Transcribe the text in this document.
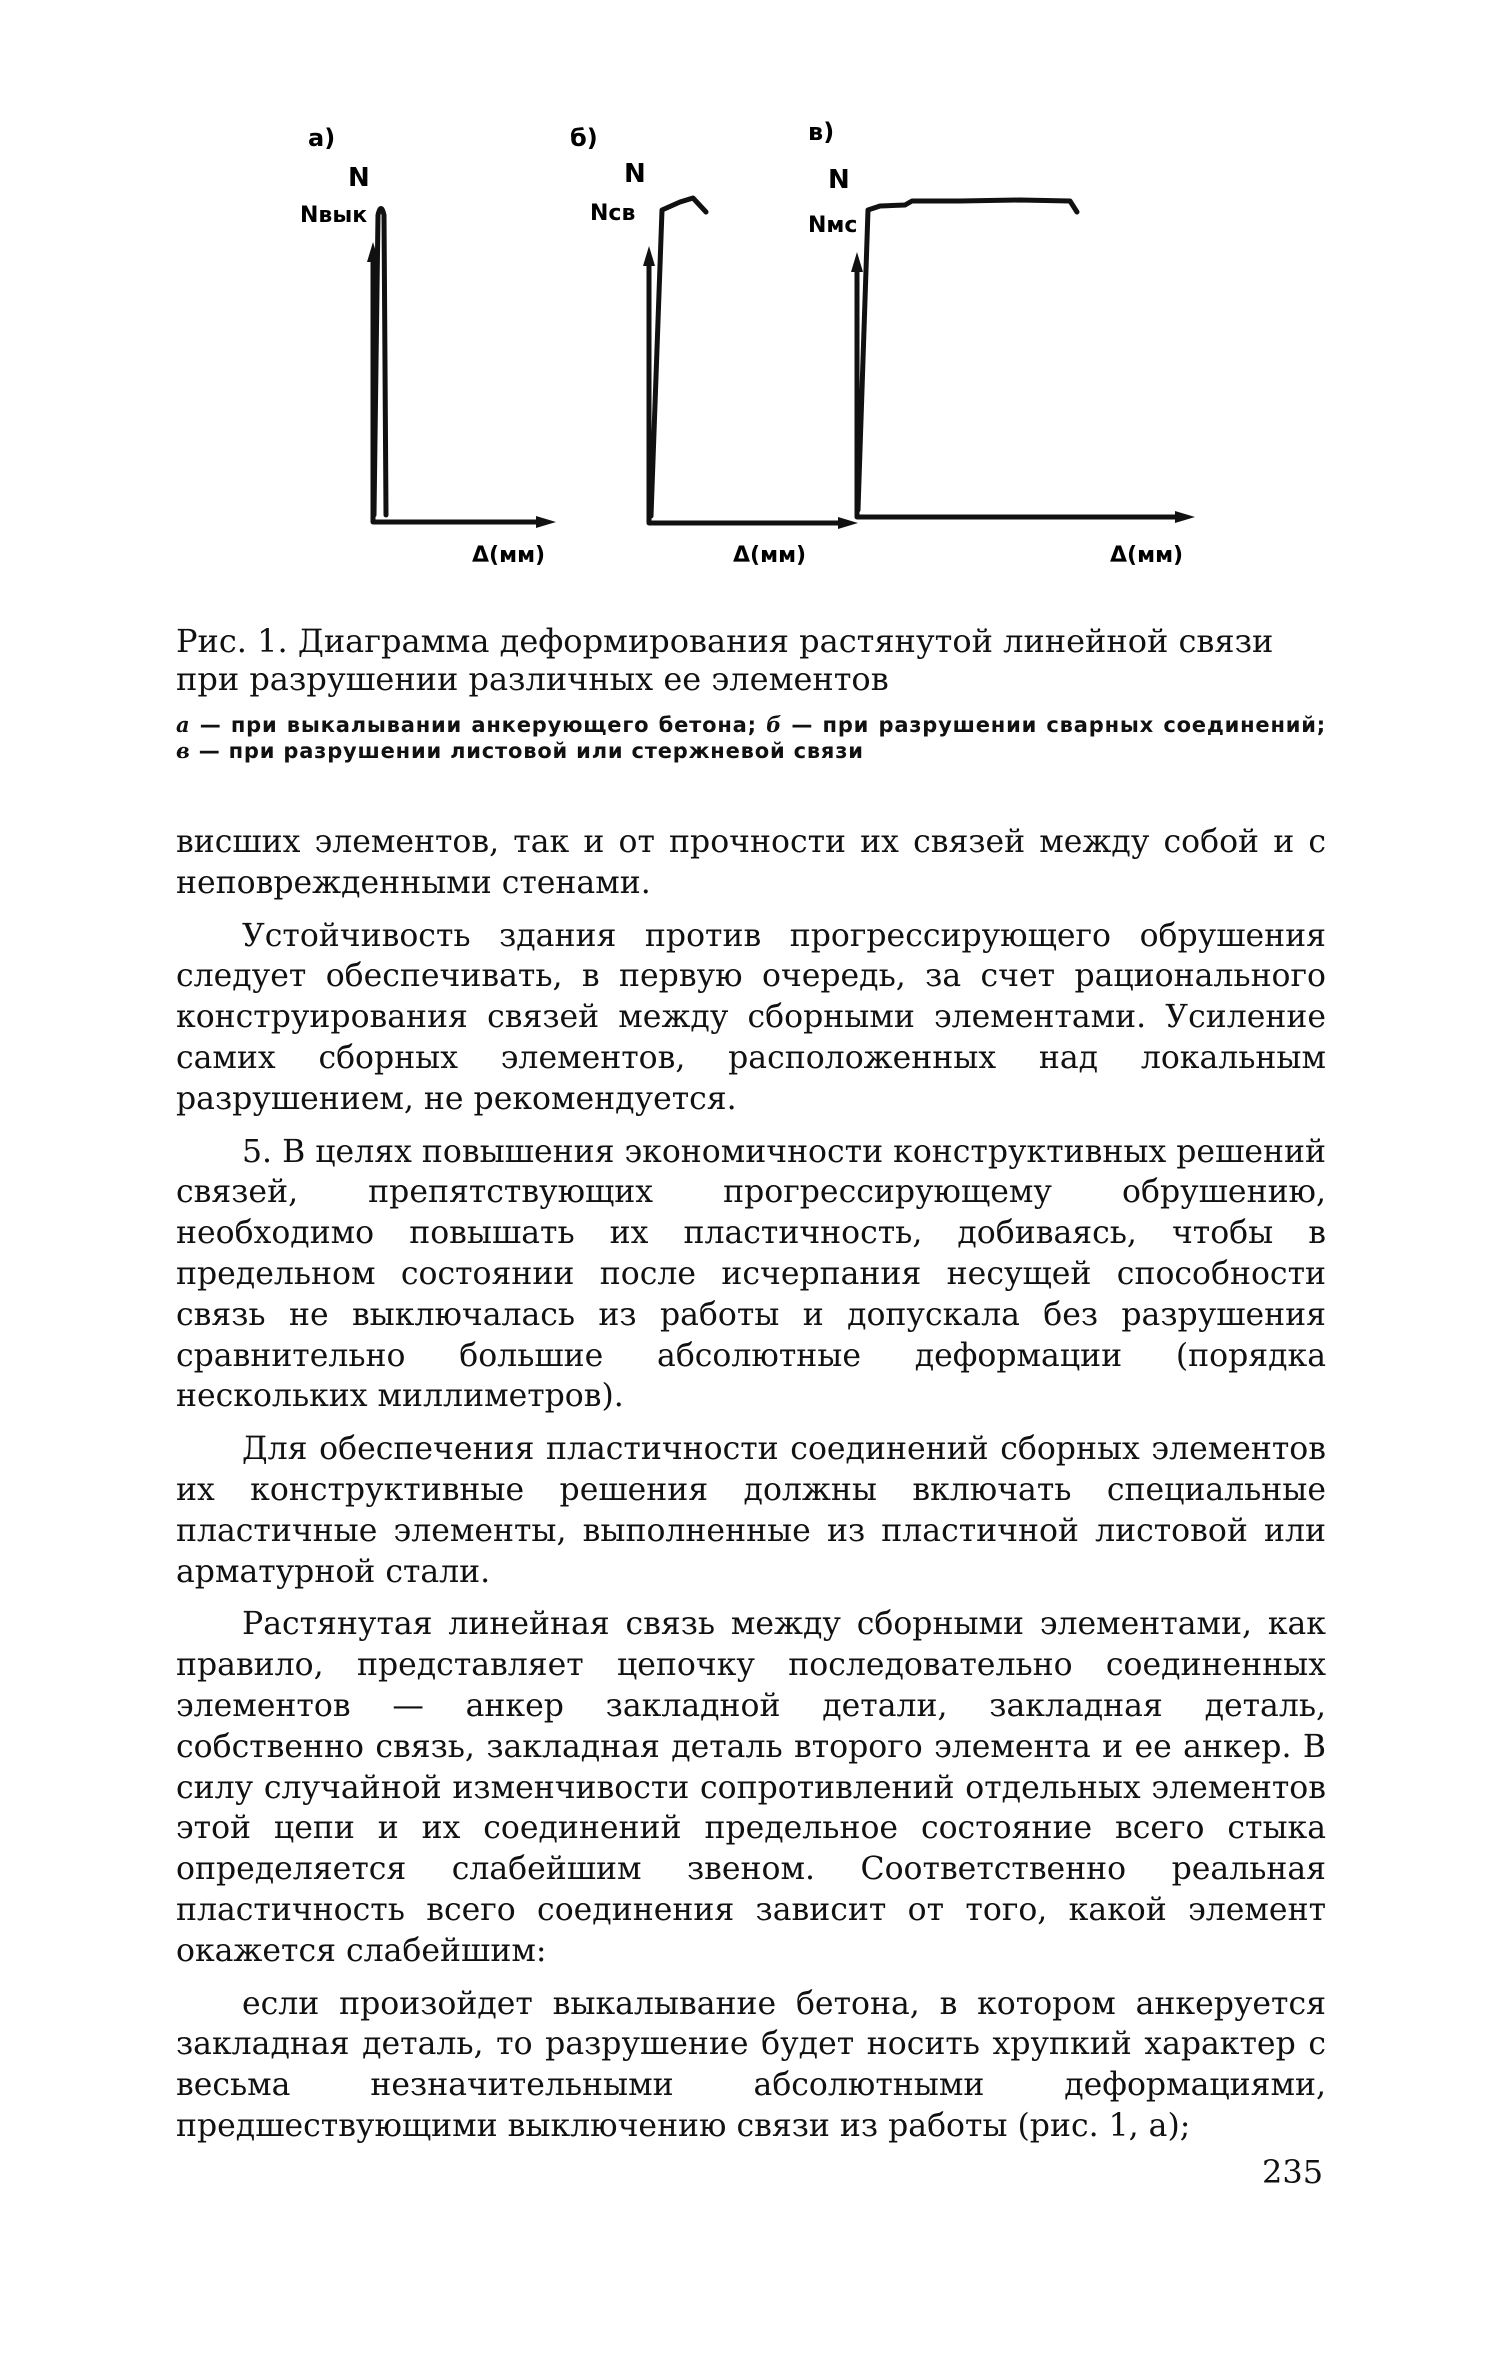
а)
N
Nвык
Δ(мм)
б)
N
Nсв
Δ(мм)
в)
N
Nмс
Δ(мм)
Рис. 1. Диаграмма деформирования растянутой линейной связи при разрушении различных ее элементов
а — при выкалывании анкерующего бетона; б — при разрушении сварных соединений; в — при разрушении листовой или стержневой связи

висших элементов, так и от прочности их связей между собой и с неповрежденными стенами.

Устойчивость здания против прогрессирующего обрушения следует обеспечивать, в первую очередь, за счет рационального конструирования связей между сборными элементами. Усиление самих сборных элементов, расположенных над локальным разрушением, не рекомендуется.

5. В целях повышения экономичности конструктивных решений связей, препятствующих прогрессирующему обрушению, необходимо повышать их пластичность, добиваясь, чтобы в предельном состоянии после исчерпания несущей способности связь не выключалась из работы и допускала без разрушения сравнительно большие абсолютные деформации (порядка нескольких миллиметров).

Для обеспечения пластичности соединений сборных элементов их конструктивные решения должны включать специальные пластичные элементы, выполненные из пластичной листовой или арматурной стали.

Растянутая линейная связь между сборными элементами, как правило, представляет цепочку последовательно соединенных элементов — анкер закладной детали, закладная деталь, собственно связь, закладная деталь второго элемента и ее анкер. В силу случайной изменчивости сопротивлений отдельных элементов этой цепи и их соединений предельное состояние всего стыка определяется слабейшим звеном. Соответственно реальная пластичность всего соединения зависит от того, какой элемент окажется слабейшим:

если произойдет выкалывание бетона, в котором анкеруется закладная деталь, то разрушение будет носить хрупкий характер с весьма незначительными абсолютными деформациями, предшествующими выключению связи из работы (рис. 1, а);

235
